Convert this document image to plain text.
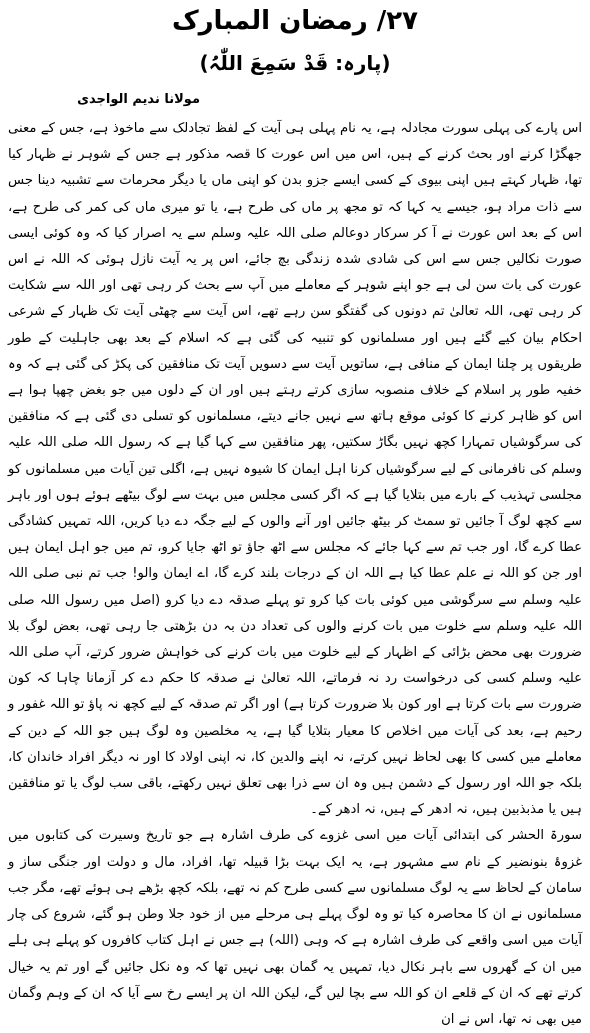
۲۷/ رمضان المبارک
(پارہ: قَدْ سَمِعَ اللّٰہُ)
مولانا ندیم الواجدی

اس پارے کی پہلی سورت مجادلہ ہے، یہ نام پہلی ہی آیت کے لفظ تجادلک سے ماخوذ ہے، جس کے معنی جھگڑا کرنے اور بحث کرنے کے ہیں، اس میں اس عورت کا قصہ مذکور ہے جس کے شوہر نے ظہار کیا تھا، ظہار کہتے ہیں اپنی بیوی کے کسی ایسے جزو بدن کو اپنی ماں یا دیگر محرمات سے تشبیہ دینا جس سے ذات مراد ہو، جیسے یہ کہا کہ تو مجھ پر ماں کی طرح ہے، یا تو میری ماں کی کمر کی طرح ہے، اس کے بعد اس عورت نے آ کر سرکار دوعالم صلی اللہ علیہ وسلم سے یہ اصرار کیا کہ وہ کوئی ایسی صورت نکالیں جس سے اس کی شادی شدہ زندگی بچ جائے، اس پر یہ آیت نازل ہوئی کہ اللہ نے اس عورت کی بات سن لی ہے جو اپنے شوہر کے معاملے میں آپ سے بحث کر رہی تھی اور اللہ سے شکایت کر رہی تھی، اللہ تعالیٰ تم دونوں کی گفتگو سن رہے تھے، اس آیت سے چھٹی آیت تک ظہار کے شرعی احکام بیان کیے گئے ہیں اور مسلمانوں کو تنبیہ کی گئی ہے کہ اسلام کے بعد بھی جاہلیت کے طور طریقوں پر چلنا ایمان کے منافی ہے، ساتویں آیت سے دسویں آیت تک منافقین کی پکڑ کی گئی ہے کہ وہ خفیہ طور پر اسلام کے خلاف منصوبہ سازی کرتے رہتے ہیں اور ان کے دلوں میں جو بغض چھپا ہوا ہے اس کو ظاہر کرنے کا کوئی موقع ہاتھ سے نہیں جانے دیتے، مسلمانوں کو تسلی دی گئی ہے کہ منافقین کی سرگوشیاں تمہارا کچھ نہیں بگاڑ سکتیں، پھر منافقین سے کہا گیا ہے کہ رسول اللہ صلی اللہ علیہ وسلم کی نافرمانی کے لیے سرگوشیاں کرنا اہل ایمان کا شیوہ نہیں ہے، اگلی تین آیات میں مسلمانوں کو مجلسی تہذیب کے بارے میں بتلایا گیا ہے کہ اگر کسی مجلس میں بہت سے لوگ بیٹھے ہوئے ہوں اور باہر سے کچھ لوگ آ جائیں تو سمٹ کر بیٹھ جائیں اور آنے والوں کے لیے جگہ دے دیا کریں، اللہ تمہیں کشادگی عطا کرے گا، اور جب تم سے کہا جائے کہ مجلس سے اٹھ جاؤ تو اٹھ جایا کرو، تم میں جو اہل ایمان ہیں اور جن کو اللہ نے علم عطا کیا ہے اللہ ان کے درجات بلند کرے گا، اے ایمان والو! جب تم نبی صلی اللہ علیہ وسلم سے سرگوشی میں کوئی بات کیا کرو تو پہلے صدقہ دے دیا کرو (اصل میں رسول اللہ صلی اللہ علیہ وسلم سے خلوت میں بات کرنے والوں کی تعداد دن بہ دن بڑھتی جا رہی تھی، بعض لوگ بلا ضرورت بھی محض بڑائی کے اظہار کے لیے خلوت میں بات کرنے کی خواہش ضرور کرتے، آپ صلی اللہ علیہ وسلم کسی کی درخواست رد نہ فرماتے، اللہ تعالیٰ نے صدقہ کا حکم دے کر آزمانا چاہا کہ کون ضرورت سے بات کرتا ہے اور کون بلا ضرورت کرتا ہے) اور اگر تم صدقہ کے لیے کچھ نہ پاؤ تو اللہ غفور و رحیم ہے، بعد کی آیات میں اخلاص کا معیار بتلایا گیا ہے، یہ مخلصین وہ لوگ ہیں جو اللہ کے دین کے معاملے میں کسی کا بھی لحاظ نہیں کرتے، نہ اپنے والدین کا، نہ اپنی اولاد کا اور نہ دیگر افراد خاندان کا، بلکہ جو اللہ اور رسول کے دشمن ہیں وہ ان سے ذرا بھی تعلق نہیں رکھتے، باقی سب لوگ یا تو منافقین ہیں یا مذبذبین ہیں، نہ ادھر کے ہیں، نہ ادھر کے۔

سورۃ الحشر کی ابتدائی آیات میں اسی غزوے کی طرف اشارہ ہے جو تاریخ وسیرت کی کتابوں میں غزوۂ بنونضیر کے نام سے مشہور ہے، یہ ایک بہت بڑا قبیلہ تھا، افراد، مال و دولت اور جنگی ساز و سامان کے لحاظ سے یہ لوگ مسلمانوں سے کسی طرح کم نہ تھے، بلکہ کچھ بڑھے ہی ہوئے تھے، مگر جب مسلمانوں نے ان کا محاصرہ کیا تو وہ لوگ پہلے ہی مرحلے میں از خود جلا وطن ہو گئے، شروع کی چار آیات میں اسی واقعے کی طرف اشارہ ہے کہ وہی (اللہ) ہے جس نے اہل کتاب کافروں کو پہلے ہی ہلے میں ان کے گھروں سے باہر نکال دیا، تمہیں یہ گمان بھی نہیں تھا کہ وہ نکل جائیں گے اور تم یہ خیال کرتے تھے کہ ان کے قلعے ان کو اللہ سے بچا لیں گے، لیکن اللہ ان پر ایسے رخ سے آیا کہ ان کے وہم وگمان میں بھی نہ تھا، اس نے ان
